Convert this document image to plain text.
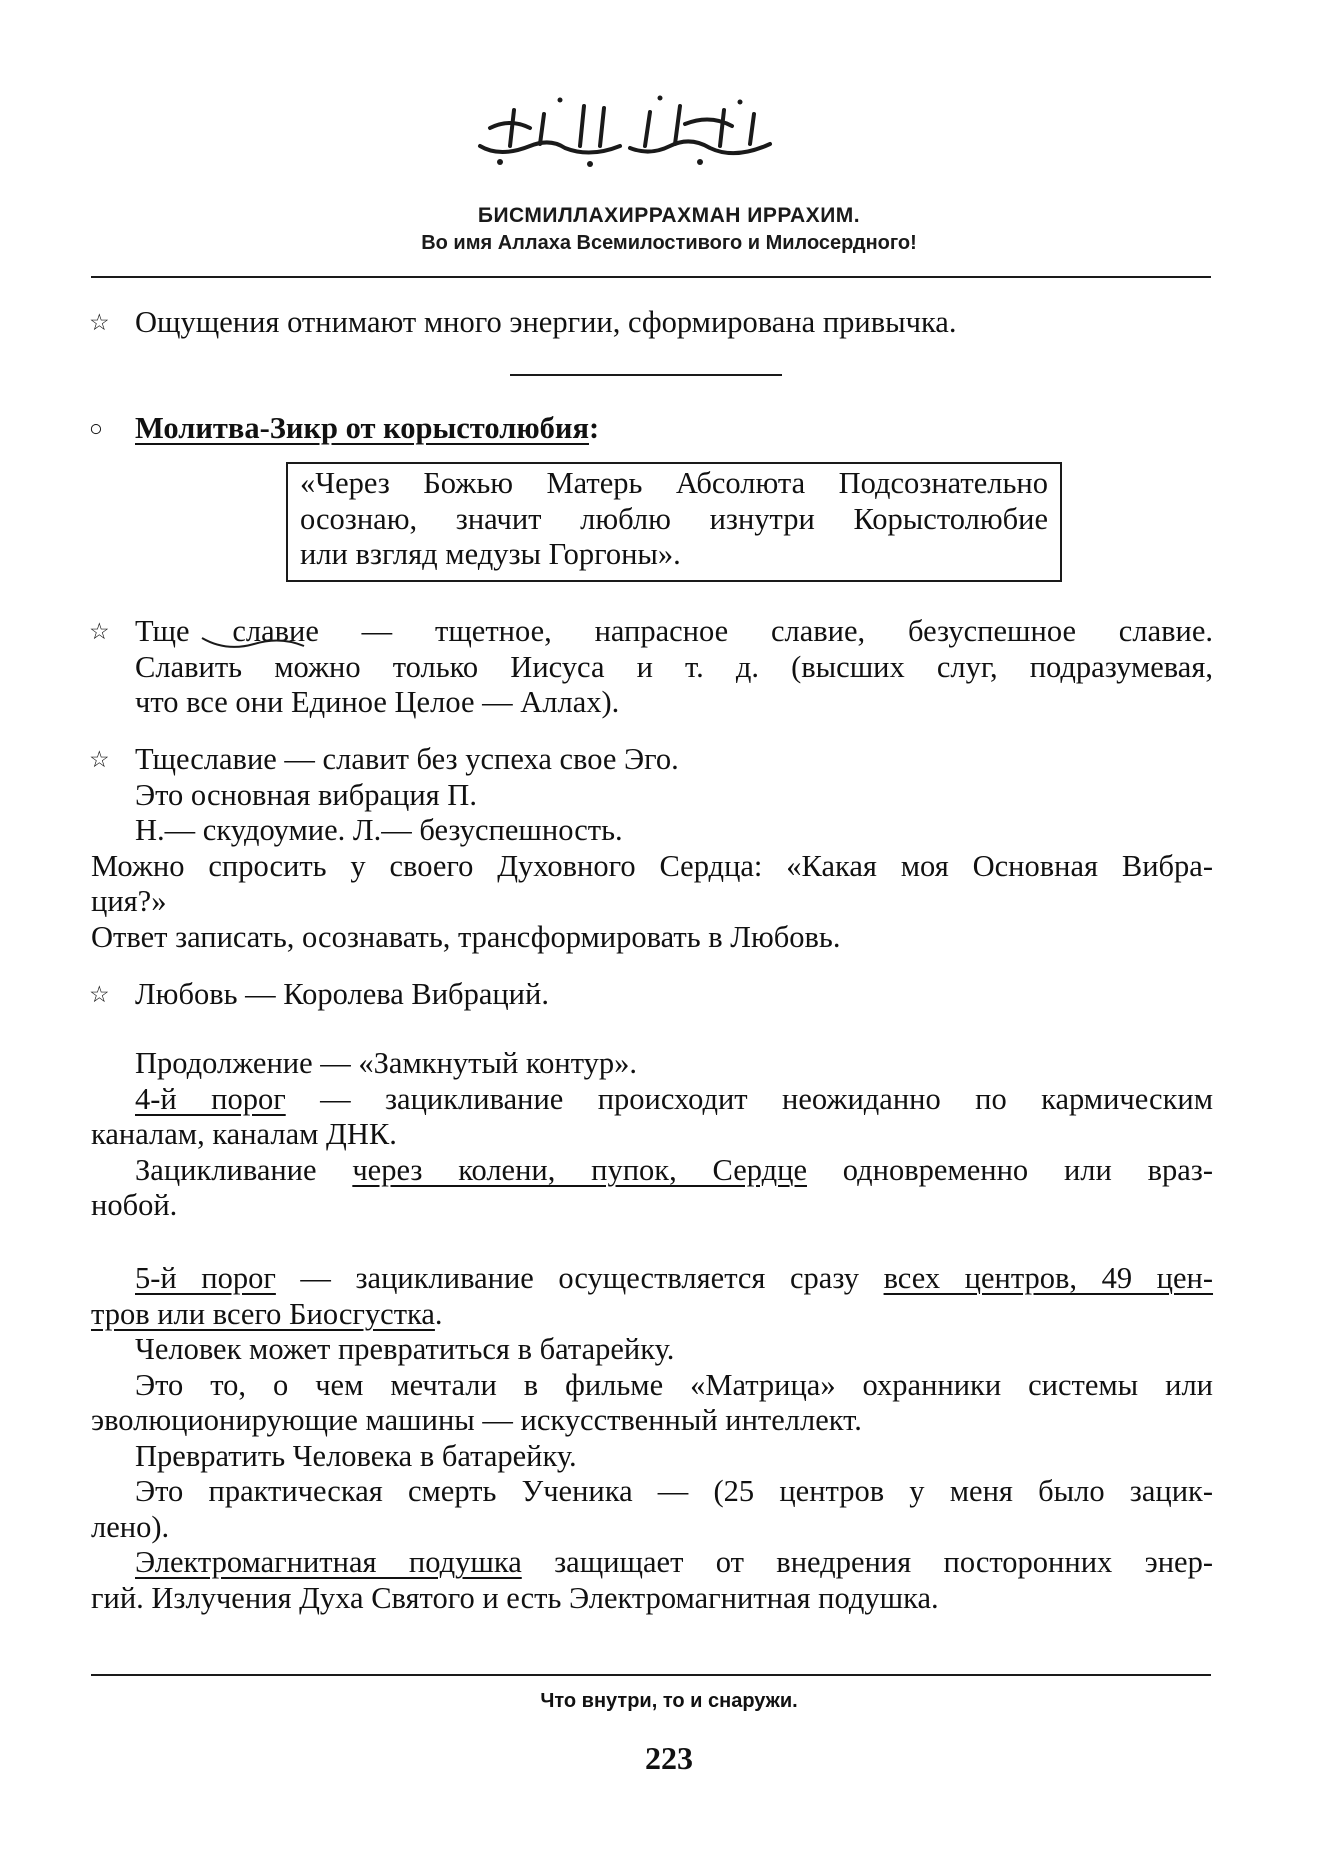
БИСМИЛЛАХИРРАХМАН ИРРАХИМ.
Во имя Аллаха Всемилостивого и Милосердного!

☆ Ощущения отнимают много энергии, сформирована привычка.

○ Молитва-Зикр от корыстолюбия:

«Через Божью Матерь Абсолюта Подсознательно
осознаю, значит люблю изнутри Корыстолюбие
или взгляд медузы Горгоны».

☆ Тще славие — тщетное, напрасное славие, безуспешное славие.

Славить можно только Иисуса и т. д. (высших слуг, подразумевая,

что все они Единое Целое — Аллах).

☆ Тщеславие — славит без успеха свое Эго.

Это основная вибрация П.

Н.— скудоумие. Л.— безуспешность.

Можно спросить у своего Духовного Сердца: «Какая моя Основная Вибра-

ция?»

Ответ записать, осознавать, трансформировать в Любовь.

☆ Любовь — Королева Вибраций.

Продолжение — «Замкнутый контур».

4-й порог — зацикливание происходит неожиданно по кармическим

каналам, каналам ДНК.

Зацикливание через колени, пупок, Сердце одновременно или враз-

нобой.

5-й порог — зацикливание осуществляется сразу всех центров, 49 цен-

тров или всего Биосгустка.

Человек может превратиться в батарейку.

Это то, о чем мечтали в фильме «Матрица» охранники системы или

эволюционирующие машины — искусственный интеллект.

Превратить Человека в батарейку.

Это практическая смерть Ученика — (25 центров у меня было зацик-

лено).

Электромагнитная подушка защищает от внедрения посторонних энер-

гий. Излучения Духа Святого и есть Электромагнитная подушка.

Что внутри, то и снаружи.
223
